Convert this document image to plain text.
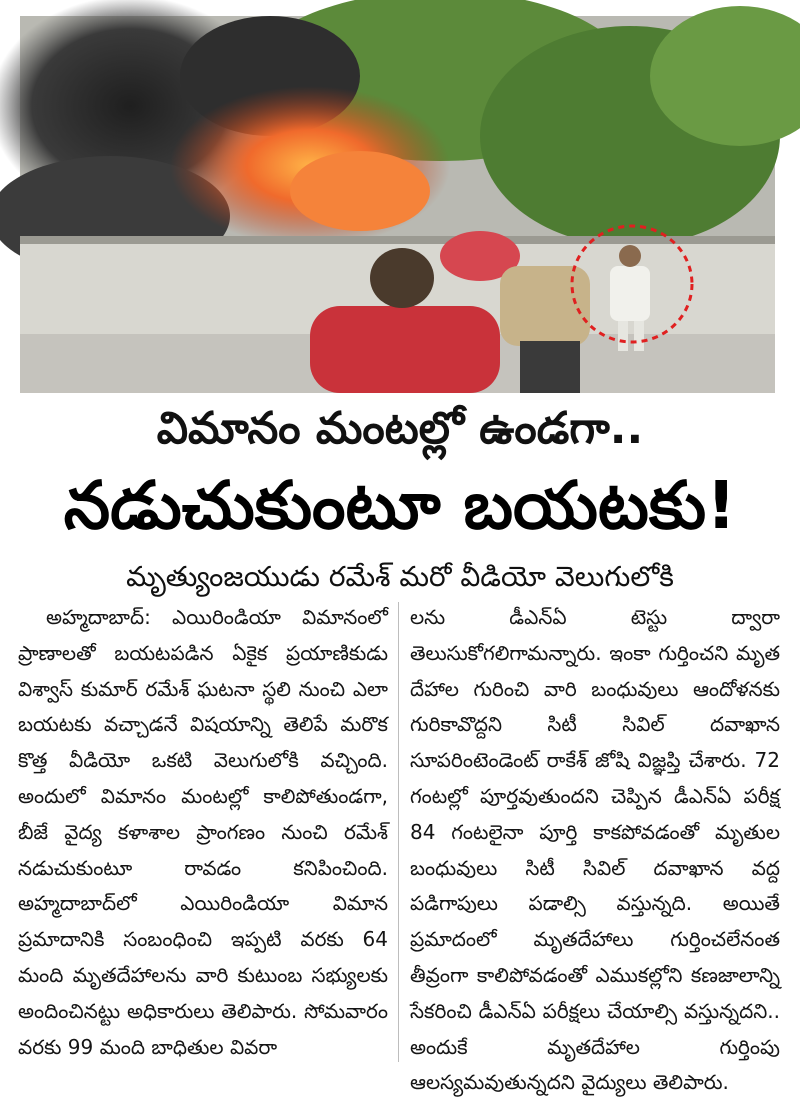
విమానం మంటల్లో ఉండగా..
నడుచుకుంటూ బయటకు!
మృత్యుంజయుడు రమేశ్ మరో వీడియో వెలుగులోకి

అహ్మదాబాద్: ఎయిరిండియా విమానంలో ప్రాణాలతో బయటపడిన ఏకైక ప్రయాణికుడు విశ్వాస్ కుమార్ రమేశ్ ఘటనా స్థలి నుంచి ఎలా బయటకు వచ్చాడనే విషయాన్ని తెలిపే మరొక కొత్త వీడియో ఒకటి వెలుగులోకి వచ్చింది. అందులో విమానం మంటల్లో కాలిపోతుండగా, బీజే వైద్య కళాశాల ప్రాంగణం నుంచి రమేశ్ నడుచుకుంటూ రావడం కనిపించింది. అహ్మదాబాద్‌లో ఎయిరిండియా విమాన ప్రమాదానికి సంబంధించి ఇప్పటి వరకు 64 మంది మృతదేహాలను వారి కుటుంబ సభ్యులకు అందించినట్టు అధికారులు తెలిపారు. సోమవారం వరకు 99 మంది బాధితుల వివరా

లను డీఎన్ఏ టెస్టు ద్వారా తెలుసుకోగలిగామన్నారు. ఇంకా గుర్తించని మృత దేహాల గురించి వారి బంధువులు ఆందోళనకు గురికావొద్దని సిటీ సివిల్ దవాఖాన సూపరింటెండెంట్ రాకేశ్ జోషి విజ్ఞప్తి చేశారు. 72 గంటల్లో పూర్తవుతుందని చెప్పిన డీఎన్ఏ పరీక్ష 84 గంటలైనా పూర్తి కాకపోవడంతో మృతుల బంధువులు సిటీ సివిల్ దవాఖాన వద్ద పడిగాపులు పడాల్సి వస్తున్నది. అయితే ప్రమాదంలో మృతదేహాలు గుర్తించలేనంత తీవ్రంగా కాలిపోవడంతో ఎముకల్లోని కణజాలాన్ని సేకరించి డీఎన్ఏ పరీక్షలు చేయాల్సి వస్తున్నదని.. అందుకే మృతదేహాల గుర్తింపు ఆలస్యమవుతున్నదని వైద్యులు తెలిపారు.
